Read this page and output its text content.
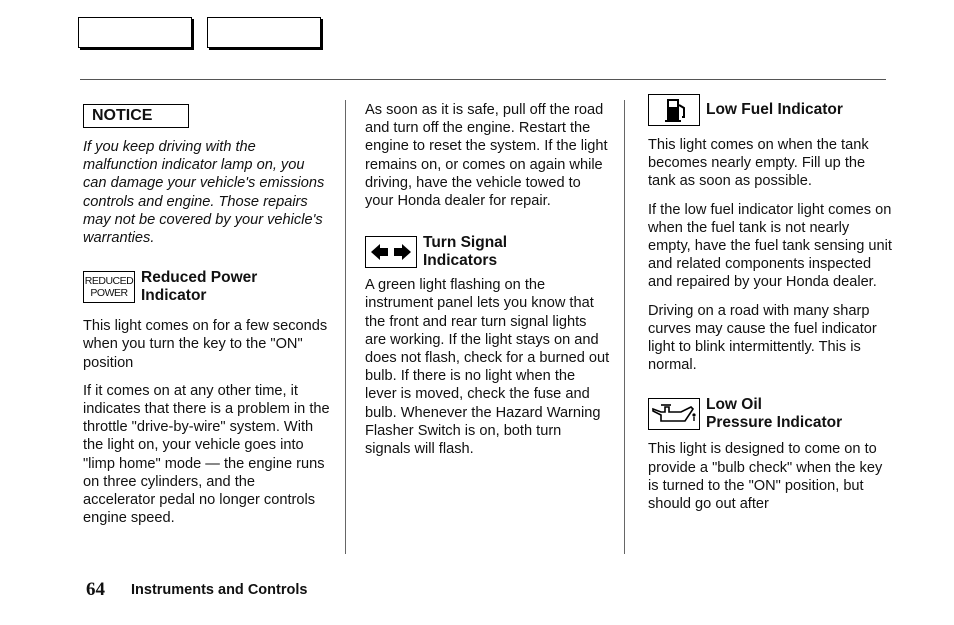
NOTICE

If you keep driving with the malfunction indicator lamp on, you can damage your vehicle's emissions controls and engine. Those repairs may not be covered by your vehicle's warranties.

REDUCED
POWER
Reduced Power
Indicator

This light comes on for a few seconds when you turn the key to the "ON" position

If it comes on at any other time, it indicates that there is a problem in the throttle "drive-by-wire" system. With the light on, your vehicle goes into "limp home" mode — the engine runs on three cylinders, and the accelerator pedal no longer controls engine speed.

As soon as it is safe, pull off the road and turn off the engine. Restart the engine to reset the system. If the light remains on, or comes on again while driving, have the vehicle towed to your Honda dealer for repair.

Turn Signal
Indicators

A green light flashing on the instrument panel lets you know that the front and rear turn signal lights are working. If the light stays on and does not flash, check for a burned out bulb. If there is no light when the lever is moved, check the fuse and bulb. Whenever the Hazard Warning Flasher Switch is on, both turn signals will flash.

Low Fuel Indicator

This light comes on when the tank becomes nearly empty. Fill up the tank as soon as possible.

If the low fuel indicator light comes on when the fuel tank is not nearly empty, have the fuel tank sensing unit and related components inspected and repaired by your Honda dealer.

Driving on a road with many sharp curves may cause the fuel indicator light to blink intermittently. This is normal.

Low Oil
Pressure Indicator

This light is designed to come on to provide a "bulb check" when the key is turned to the "ON" position, but should go out after

64 Instruments and Controls
